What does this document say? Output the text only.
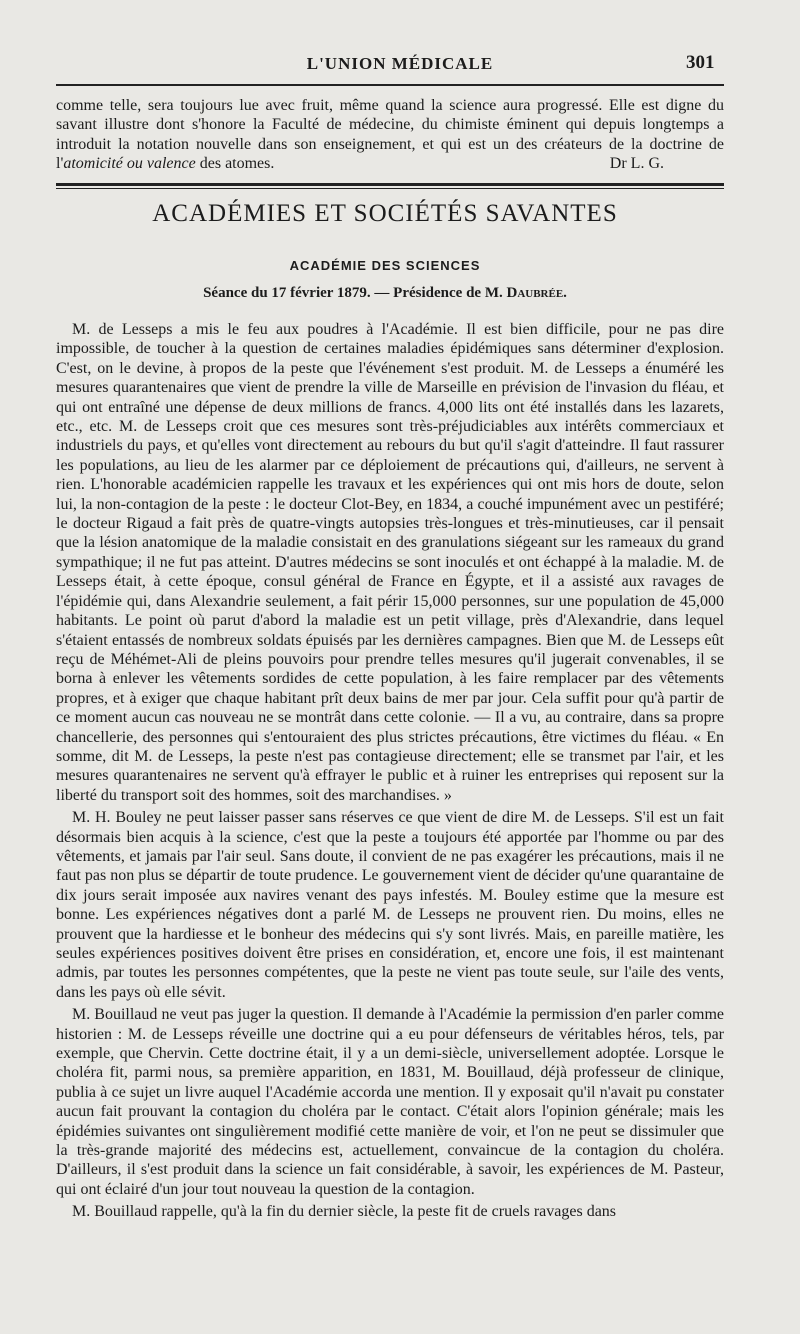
L'UNION MÉDICALE	301

comme telle, sera toujours lue avec fruit, même quand la science aura progressé. Elle est digne du savant illustre dont s'honore la Faculté de médecine, du chimiste éminent qui depuis longtemps a introduit la notation nouvelle dans son enseignement, et qui est un des créateurs de la doctrine de l'atomicité ou valence des atomes.	Dr L. G.

ACADÉMIES ET SOCIÉTÉS SAVANTES
ACADÉMIE DES SCIENCES
Séance du 17 février 1879. — Présidence de M. Daubrée.

M. de Lesseps a mis le feu aux poudres à l'Académie. Il est bien difficile, pour ne pas dire impossible, de toucher à la question de certaines maladies épidémiques sans déterminer d'explosion. C'est, on le devine, à propos de la peste que l'événement s'est produit. M. de Lesseps a énuméré les mesures quarantenaires que vient de prendre la ville de Marseille en prévision de l'invasion du fléau, et qui ont entraîné une dépense de deux millions de francs. 4,000 lits ont été installés dans les lazarets, etc., etc. M. de Lesseps croit que ces mesures sont très-préjudiciables aux intérêts commerciaux et industriels du pays, et qu'elles vont directement au rebours du but qu'il s'agit d'atteindre. Il faut rassurer les populations, au lieu de les alarmer par ce déploiement de précautions qui, d'ailleurs, ne servent à rien. L'honorable académicien rappelle les travaux et les expériences qui ont mis hors de doute, selon lui, la non-contagion de la peste : le docteur Clot-Bey, en 1834, a couché impunément avec un pestiféré; le docteur Rigaud a fait près de quatre-vingts autopsies très-longues et très-minutieuses, car il pensait que la lésion anatomique de la maladie consistait en des granulations siégeant sur les rameaux du grand sympathique; il ne fut pas atteint. D'autres médecins se sont inoculés et ont échappé à la maladie. M. de Lesseps était, à cette époque, consul général de France en Égypte, et il a assisté aux ravages de l'épidémie qui, dans Alexandrie seulement, a fait périr 15,000 personnes, sur une population de 45,000 habitants. Le point où parut d'abord la maladie est un petit village, près d'Alexandrie, dans lequel s'étaient entassés de nombreux soldats épuisés par les dernières campagnes. Bien que M. de Lesseps eût reçu de Méhémet-Ali de pleins pouvoirs pour prendre telles mesures qu'il jugerait convenables, il se borna à enlever les vêtements sordides de cette population, à les faire remplacer par des vêtements propres, et à exiger que chaque habitant prît deux bains de mer par jour. Cela suffit pour qu'à partir de ce moment aucun cas nouveau ne se montrât dans cette colonie. — Il a vu, au contraire, dans sa propre chancellerie, des personnes qui s'entouraient des plus strictes précautions, être victimes du fléau. « En somme, dit M. de Lesseps, la peste n'est pas contagieuse directement; elle se transmet par l'air, et les mesures quarantenaires ne servent qu'à effrayer le public et à ruiner les entreprises qui reposent sur la liberté du transport soit des hommes, soit des marchandises. »

M. H. Bouley ne peut laisser passer sans réserves ce que vient de dire M. de Lesseps. S'il est un fait désormais bien acquis à la science, c'est que la peste a toujours été apportée par l'homme ou par des vêtements, et jamais par l'air seul. Sans doute, il convient de ne pas exagérer les précautions, mais il ne faut pas non plus se départir de toute prudence. Le gouvernement vient de décider qu'une quarantaine de dix jours serait imposée aux navires venant des pays infestés. M. Bouley estime que la mesure est bonne. Les expériences négatives dont a parlé M. de Lesseps ne prouvent rien. Du moins, elles ne prouvent que la hardiesse et le bonheur des médecins qui s'y sont livrés. Mais, en pareille matière, les seules expériences positives doivent être prises en considération, et, encore une fois, il est maintenant admis, par toutes les personnes compétentes, que la peste ne vient pas toute seule, sur l'aile des vents, dans les pays où elle sévit.

M. Bouillaud ne veut pas juger la question. Il demande à l'Académie la permission d'en parler comme historien : M. de Lesseps réveille une doctrine qui a eu pour défenseurs de véritables héros, tels, par exemple, que Chervin. Cette doctrine était, il y a un demi-siècle, universellement adoptée. Lorsque le choléra fit, parmi nous, sa première apparition, en 1831, M. Bouillaud, déjà professeur de clinique, publia à ce sujet un livre auquel l'Académie accorda une mention. Il y exposait qu'il n'avait pu constater aucun fait prouvant la contagion du choléra par le contact. C'était alors l'opinion générale; mais les épidémies suivantes ont singulièrement modifié cette manière de voir, et l'on ne peut se dissimuler que la très-grande majorité des médecins est, actuellement, convaincue de la contagion du choléra. D'ailleurs, il s'est produit dans la science un fait considérable, à savoir, les expériences de M. Pasteur, qui ont éclairé d'un jour tout nouveau la question de la contagion.

M. Bouillaud rappelle, qu'à la fin du dernier siècle, la peste fit de cruels ravages dans
